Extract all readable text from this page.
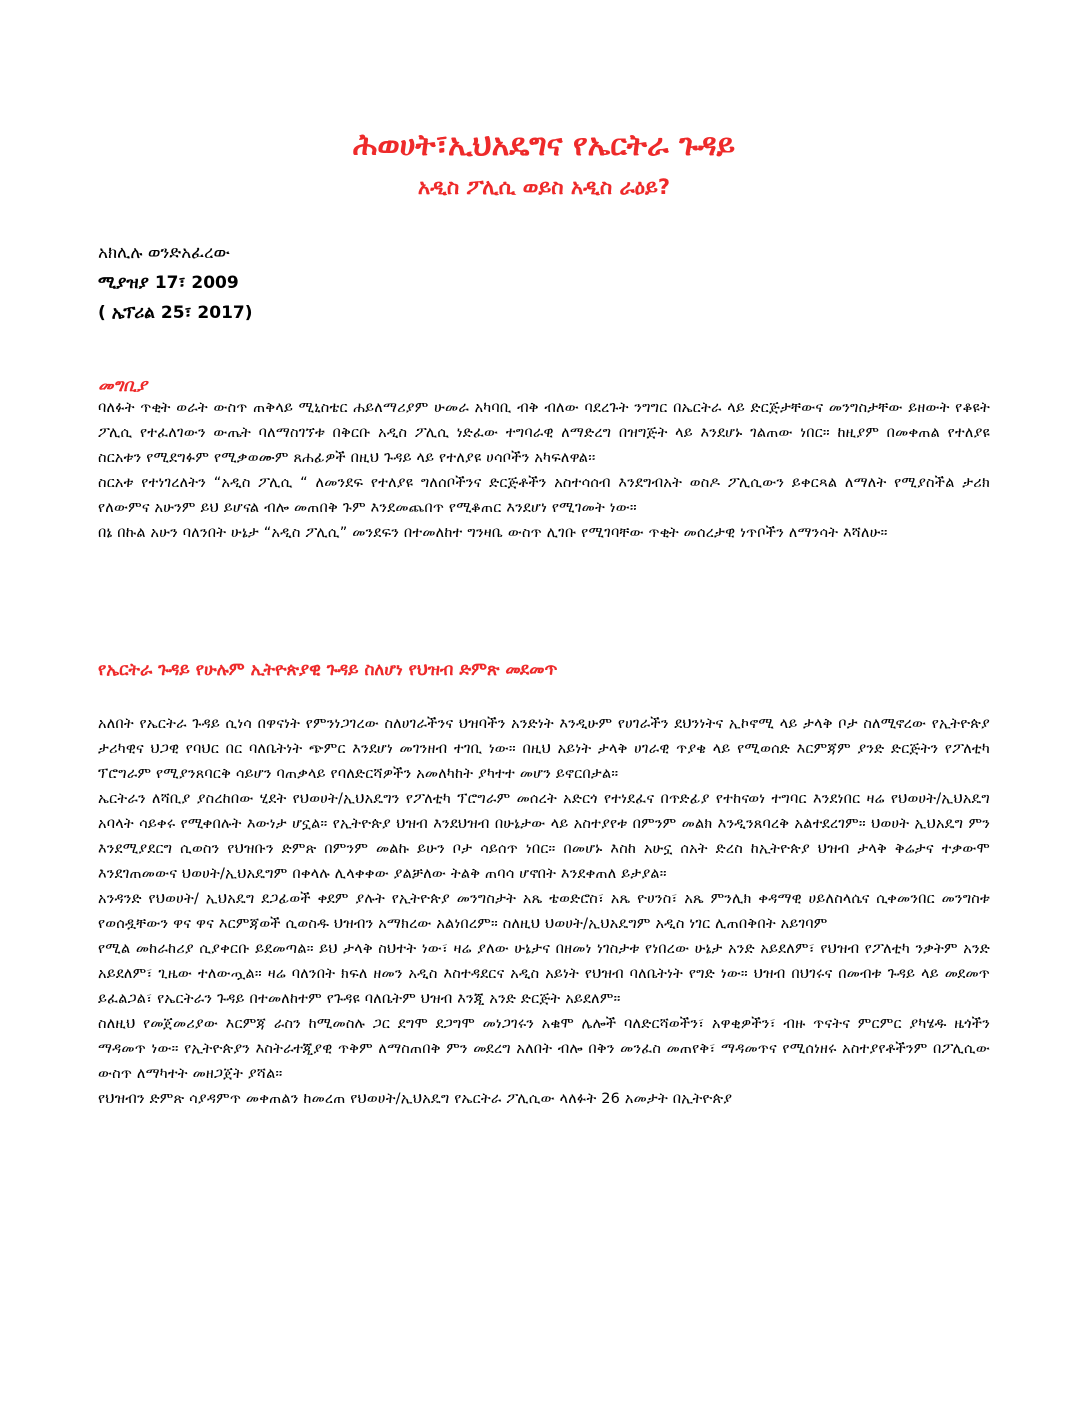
ሕወሀት፣ኢህአዴግና የኤርትራ ጉዳይ
አዲስ ፖሊሲ ወይስ አዲስ ራዕይ?
አክሊሉ ወንድአፈረው
ሚያዝያ 17፣ 2009
( ኤፕሪል 25፣ 2017)
መግቢያ

ባለፉት ጥቂት ወራት ውስጥ ጠቅላይ ሚኒስቴር ሐይለማሪያም ሁመራ አካባቢ ብቅ ብለው ባደረጉት ንግግር በኤርትራ ላይ ድርጅታቸውና መንግስታቸው ይዘውት የቆዩት ፖሊሲ የተፈለገውን ውጤት ባለማስገኘቱ በቅርቡ አዲስ ፖሊሲ ነድፈው ተግባራዊ ለማድረግ በዝግጅት ላይ እንደሆኑ ገልጠው ነበር። ከዚያም በመቀጠል የተለያዩ ስርአቱን የሚደግፉም የሚቃወሙም ጸሐፊዎች በዚህ ጉዳይ ላይ የተለያዩ ሀሳቦችን አካፍለዋል፡፡

ስርአቱ የተነገረለትን “አዲስ ፖሊሲ “ ለመንደፍ የተለያዩ ግለሰቦችንና ድርጅቶችን አስተሳሰብ እንደግብአት ወስዶ ፖሊሲውን ይቀርጻል ለማለት የሚያስችል ታሪክ የለውምና አሁንም ይህ ይሆናል ብሎ መጠበቅ ጉም እንደመጨበጥ የሚቆጠር እንደሆነ የሚገመት ነው።

በኔ በኩል አሁን ባለንበት ሁኔታ “አዲስ ፖሊሲ” መንደፍን በተመለከተ ግንዛቤ ውስጥ ሊገቡ የሚገባቸው ጥቂት መሰረታዊ ነጥቦችን ለማንሳት እሻለሁ።

የኤርትራ ጉዳይ የሁሉም ኢትዮጵያዊ ጉዳይ ስለሆነ የህዝብ ድምጽ መደመጥ

አለበት የኤርትራ ጉዳይ ሲነሳ በዋናነት የምንነጋገረው ስለሀገራችንና ህዝባችን አንድነት እንዲሁም የሀገራችን ደህንነትና ኢኮኖሚ ላይ ታላቅ ቦታ ስለሚኖረው የኢትዮጵያ ታሪካዊና ህጋዊ የባህር በር ባለቤትነት ጭምር እንደሆነ መገንዘብ ተገቢ ነው። በዚህ አይነት ታላቅ ሀገራዊ ጥያቄ ላይ የሚወሰድ እርምጃም ያንድ ድርጅትን የፖለቲካ ፕሮግራም የሚያንጸባርቅ ሳይሆን ባጠቃላይ የባለድርሻዎችን አመለካከት ያካተተ መሆን ይኖርበታል።

ኤርትራን ለሻቢያ ያስረከበው ሂደት የህወሀት/ኢህአዴግን የፖለቲካ ፕሮግራም መሰረት አድርጎ የተነደፈና በጥድፊያ የተከናወነ ተግባር እንደነበር ዛሬ የህወሀት/ኢህአዴግ አባላት ሳይቀሩ የሚቀበሉት እውነታ ሆኗል። የኢትዮጵያ ህዝብ እንደህዝብ በሁኔታው ላይ አስተያየቱ በምንም መልክ እንዲንጸባረቅ አልተደረገም። ህወሀት ኢህአዴግ ምን እንደሚያደርግ ሲወስን የህዝቡን ድምጽ በምንም መልኩ ይሁን ቦታ ሳይሰጥ ነበር። በመሆኑ እስከ አሁኗ ሰአት ድረስ ከኢትዮጵያ ህዝብ ታላቅ ቅሬታና ተቃውሞ እንደገጠመውና ህወሀት/ኢህአዴግም በቀላሉ ሊላቀቀው ያልቻለው ትልቅ ጠባሳ ሆኖበት እንደቀጠለ ይታያል።

አንዳንድ የህወሀት/ ኢህአዴግ ደጋፊወች ቀደም ያሉት የኢትዮጵያ መንግስታት አጼ ቴወድሮስ፣ አጼ ዮሀንስ፣ አጼ ምንሊክ ቀዳማዊ ሀይለስላሴና ሲቀመንበር መንግስቱ የወሰዷቸውን ዋና ዋና እርምጃወች ሲወስዱ ህዝብን አማክረው አልነበረም። ስለዚህ ህወሀት/ኢህአዴግም አዲስ ነገር ሊጠበቅበት አይገባም

የሚል መከራከሪያ ሲያቀርቡ ይደመጣል። ይህ ታላቅ ስህተት ነው፣ ዛሬ ያለው ሁኔታና በዘመነ ነገስታቱ የነበረው ሁኔታ አንድ አይደለም፣ የህዝብ የፖለቲካ ንቃትም አንድ አይደለም፣ ጊዜው ተለውጧል። ዛሬ ባለንበት ክፍለ ዘመን አዲስ እስተዳደርና አዲስ አይነት የህዝብ ባለቤትነት የግድ ነው። ህዝብ በህገሩና በመብቱ ጉዳይ ላይ መደመጥ ይፈልጋል፣ የኤርትራን ጉዳይ በተመለከተም የጉዳዩ ባለቤትም ህዝብ እንጂ አንድ ድርጅት አይደለም።

ስለዚህ የመጀመሪያው እርምጃ ራስን ከሚመስሉ ጋር ደግሞ ደጋግሞ መነጋገሩን አቁሞ ሌሎች ባለድርሻወችን፣ አዋቂዎችን፣ ብዙ ጥናትና ምርምር ያካሄዱ ዜጎችን ማዳመጥ ነው። የኢትዮጵያን እስትራተጂያዊ ጥቅም ለማስጠበቅ ምን መደረግ አለበት ብሎ በቅን መንፈስ መጠየቅ፣ ማዳመጥና የሚሰነዘሩ አስተያየቶችንም በፖሊሲው ውስጥ ለማካተት መዘጋጀት ያሻል።

የህዝብን ድምጽ ሳያዳምጥ መቀጠልን ከመረጠ የህወሀት/ኢህአዴግ የኤርትራ ፖሊሲው ላለፉት 26 አመታት በኢትዮጵያ
